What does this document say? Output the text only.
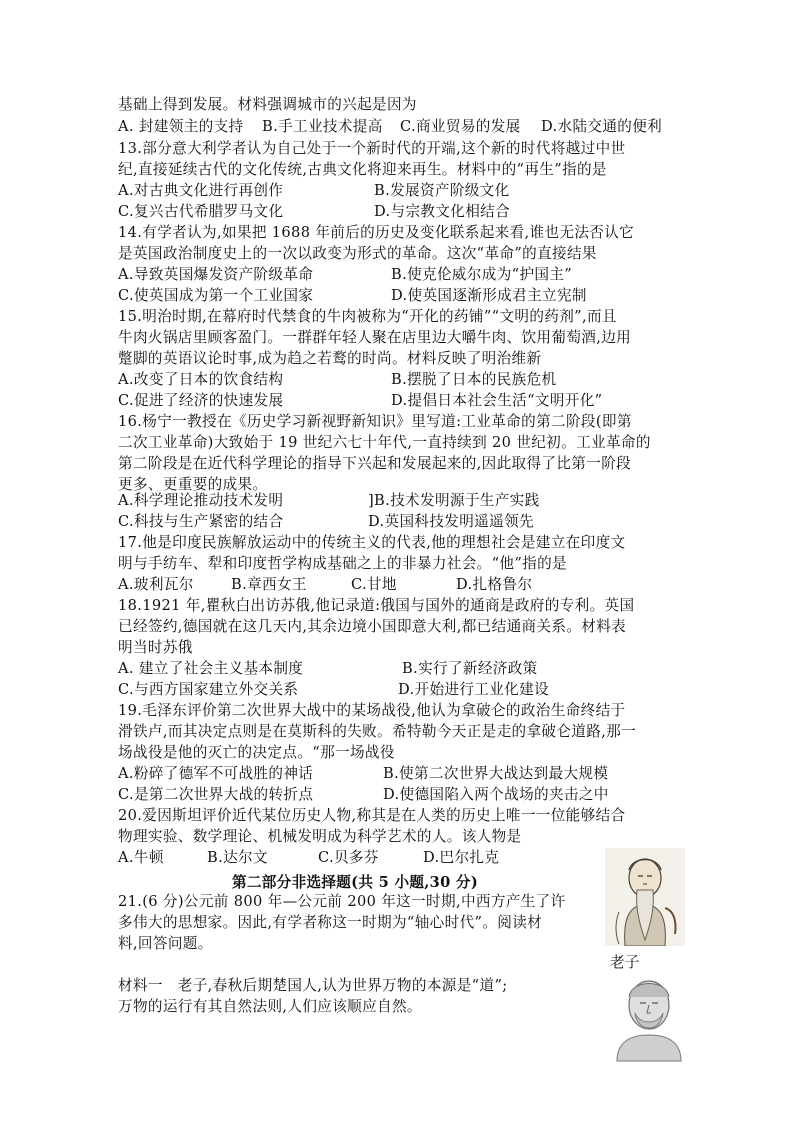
基础上得到发展。材料强调城市的兴起是因为
A. 封建领主的支持 B.手工业技术提高 C.商业贸易的发展 D.水陆交通的便利
13.部分意大利学者认为自己处于一个新时代的开端,这个新的时代将越过中世
纪,直接延续古代的文化传统,古典文化将迎来再生。材料中的“再生”指的是
A.对古典文化进行再创作	B.发展资产阶级文化
C.复兴古代希腊罗马文化	D.与宗教文化相结合
14.有学者认为,如果把 1688 年前后的历史及变化联系起来看,谁也无法否认它
是英国政治制度史上的一次以政变为形式的革命。这次“革命”的直接结果
A.导致英国爆发资产阶级革命	B.使克伦威尔成为“护国主”
C.使英国成为第一个工业国家	D.使英国逐渐形成君主立宪制
15.明治时期,在幕府时代禁食的牛肉被称为“开化的药铺”“文明的药剂”,而且
牛肉火锅店里顾客盈门。一群群年轻人聚在店里边大嚼牛肉、饮用葡萄酒,边用
蹩脚的英语议论时事,成为趋之若鹜的时尚。材料反映了明治维新
A.改变了日本的饮食结构	B.摆脱了日本的民族危机
C.促进了经济的快速发展	D.提倡日本社会生活“文明开化”
16.杨宁一教授在《历史学习新视野新知识》里写道:工业革命的第二阶段(即第
二次工业革命)大致始于 19 世纪六七十年代,一直持续到 20 世纪初。工业革命的
第二阶段是在近代科学理论的指导下兴起和发展起来的,因此取得了比第一阶段
更多、更重要的成果。
A.科学理论推动技术发明	]B.技术发明源于生产实践
C.科技与生产紧密的结合	D.英国科技发明遥遥领先
17.他是印度民族解放运动中的传统主义的代表,他的理想社会是建立在印度文
明与手纺车、犁和印度哲学构成基础之上的非暴力社会。“他”指的是
A.玻利瓦尔	B.章西女王	C.甘地	D.扎格鲁尔
18.1921 年,瞿秋白出访苏俄,他记录道:俄国与国外的通商是政府的专利。英国
已经签约,德国就在这几天内,其余边境小国即意大利,都已结通商关系。材料表
明当时苏俄
A. 建立了社会主义基本制度	B.实行了新经济政策
C.与西方国家建立外交关系	D.开始进行工业化建设
19.毛泽东评价第二次世界大战中的某场战役,他认为拿破仑的政治生命终结于
滑铁卢,而其决定点则是在莫斯科的失败。希特勒今天正是走的拿破仑道路,那一
场战役是他的灭亡的决定点。“那一场战役
A.粉碎了德军不可战胜的神话	B.使第二次世界大战达到最大规模
C.是第二次世界大战的转折点	D.使德国陷入两个战场的夹击之中
20.爱因斯坦评价近代某位历史人物,称其是在人类的历史上唯一一位能够结合
物理实验、数学理论、机械发明成为科学艺术的人。该人物是
A.牛顿	B.达尔文	C.贝多芬	D.巴尔扎克
第二部分非选择题(共 5 小题,30 分)
21.(6 分)公元前 800 年—公元前 200 年这一时期,中西方产生了许
多伟大的思想家。因此,有学者称这一时期为“轴心时代”。阅读材
料,回答问题。
材料一　老子,春秋后期楚国人,认为世界万物的本源是“道”;
万物的运行有其自然法则,人们应该顺应自然。
老子
